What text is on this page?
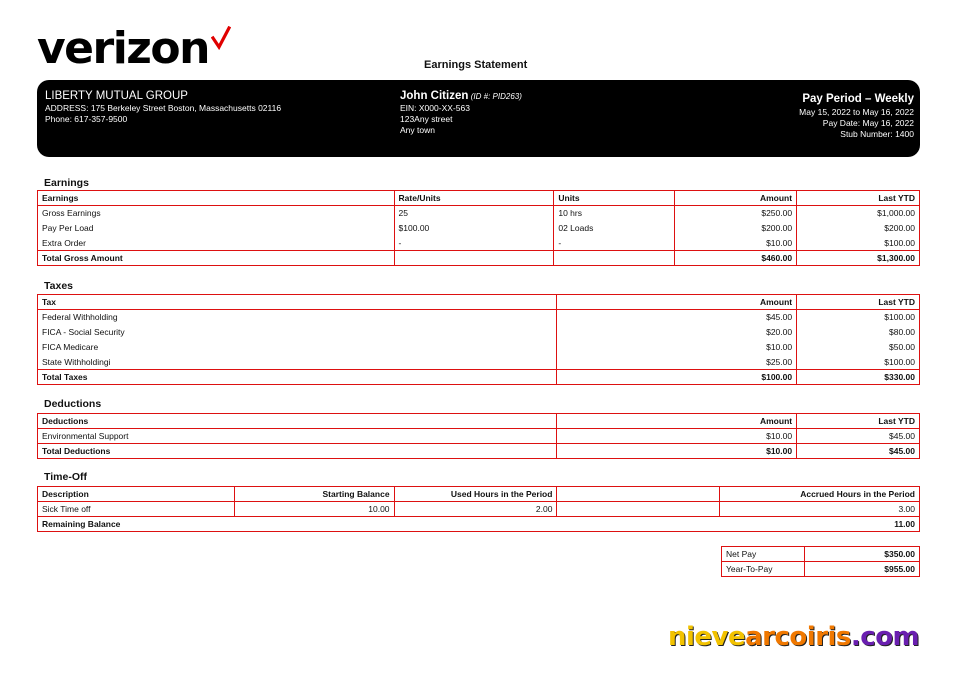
verizon	Earnings Statement
LIBERTY MUTUAL GROUP
ADDRESS: 175 Berkeley Street Boston, Massachusetts 02116
Phone: 617-357-9500
John Citizen (ID #: PID263)
EIN: X000-XX-563
123Any street
Any town
Pay Period – Weekly
May 15, 2022 to May 16, 2022
Pay Date: May 16, 2022
Stub Number: 1400
Earnings
Earnings	Rate/Units	Units	Amount	Last YTD
Gross Earnings	25	10 hrs	$250.00	$1,000.00
Pay Per Load	$100.00	02 Loads	$200.00	$200.00
Extra Order	-	-	$10.00	$100.00
Total Gross Amount			$460.00	$1,300.00
Taxes
Tax	Amount	Last YTD
Federal Withholding	$45.00	$100.00
FICA - Social Security	$20.00	$80.00
FICA Medicare	$10.00	$50.00
State Withholdingi	$25.00	$100.00
Total Taxes	$100.00	$330.00
Deductions
Deductions	Amount	Last YTD
Environmental Support	$10.00	$45.00
Total Deductions	$10.00	$45.00
Time-Off
Description	Starting Balance	Used Hours in the Period		Accrued Hours in the Period
Sick Time off	10.00	2.00		3.00
Remaining Balance				11.00
Net Pay	$350.00
Year-To-Pay	$955.00
nievearcoiris.com
